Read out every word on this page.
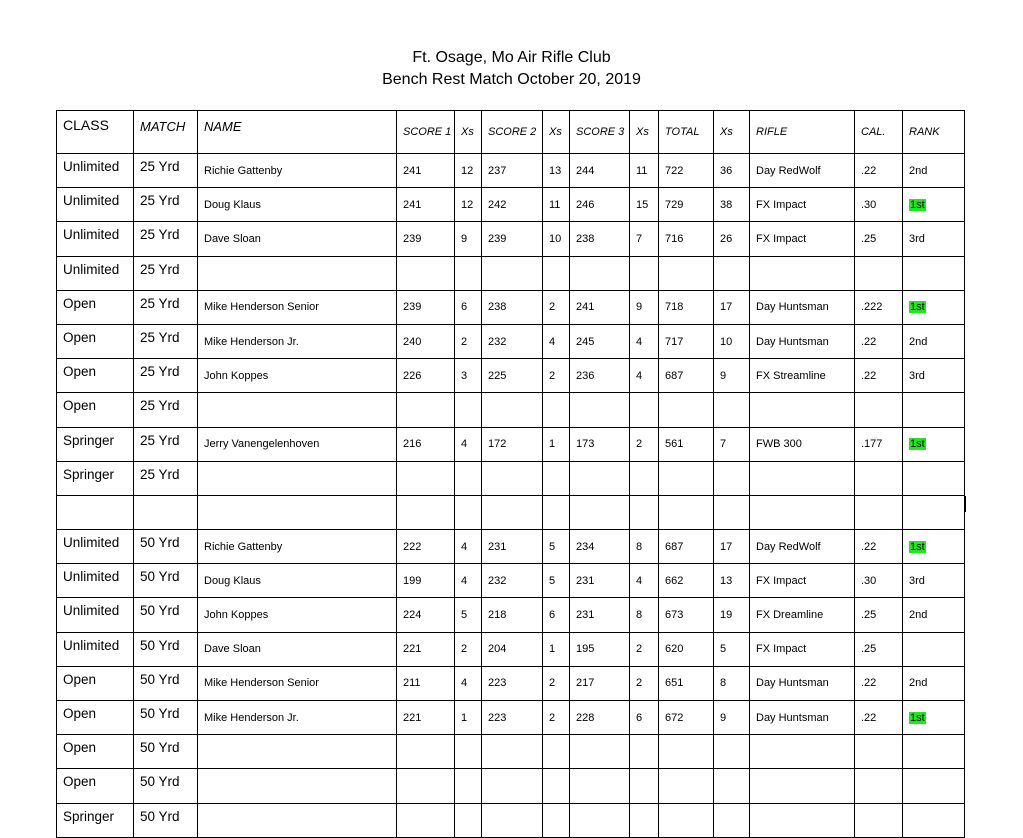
Ft. Osage, Mo Air Rifle Club
Bench Rest Match October 20, 2019
CLASS	MATCH	NAME	SCORE 1	Xs	SCORE 2	Xs	SCORE 3	Xs	TOTAL	Xs	RIFLE	CAL.	RANK
Unlimited	25 Yrd	Richie Gattenby	241	12	237	13	244	11	722	36	Day RedWolf	.22	2nd
Unlimited	25 Yrd	Doug Klaus	241	12	242	11	246	15	729	38	FX Impact	.30	1st
Unlimited	25 Yrd	Dave Sloan	239	9	239	10	238	7	716	26	FX Impact	.25	3rd
Unlimited	25 Yrd												
Open	25 Yrd	Mike Henderson Senior	239	6	238	2	241	9	718	17	Day Huntsman	.222	1st
Open	25 Yrd	Mike Henderson Jr.	240	2	232	4	245	4	717	10	Day Huntsman	.22	2nd
Open	25 Yrd	John Koppes	226	3	225	2	236	4	687	9	FX Streamline	.22	3rd
Open	25 Yrd												
Springer	25 Yrd	Jerry Vanengelenhoven	216	4	172	1	173	2	561	7	FWB 300	.177	1st
Springer	25 Yrd												

Unlimited	50 Yrd	Richie Gattenby	222	4	231	5	234	8	687	17	Day RedWolf	.22	1st
Unlimited	50 Yrd	Doug Klaus	199	4	232	5	231	4	662	13	FX Impact	.30	3rd
Unlimited	50 Yrd	John Koppes	224	5	218	6	231	8	673	19	FX Dreamline	.25	2nd
Unlimited	50 Yrd	Dave Sloan	221	2	204	1	195	2	620	5	FX Impact	.25	
Open	50 Yrd	Mike Henderson Senior	211	4	223	2	217	2	651	8	Day Huntsman	.22	2nd
Open	50 Yrd	Mike Henderson Jr.	221	1	223	2	228	6	672	9	Day Huntsman	.22	1st
Open	50 Yrd												
Open	50 Yrd												
Springer	50 Yrd												
